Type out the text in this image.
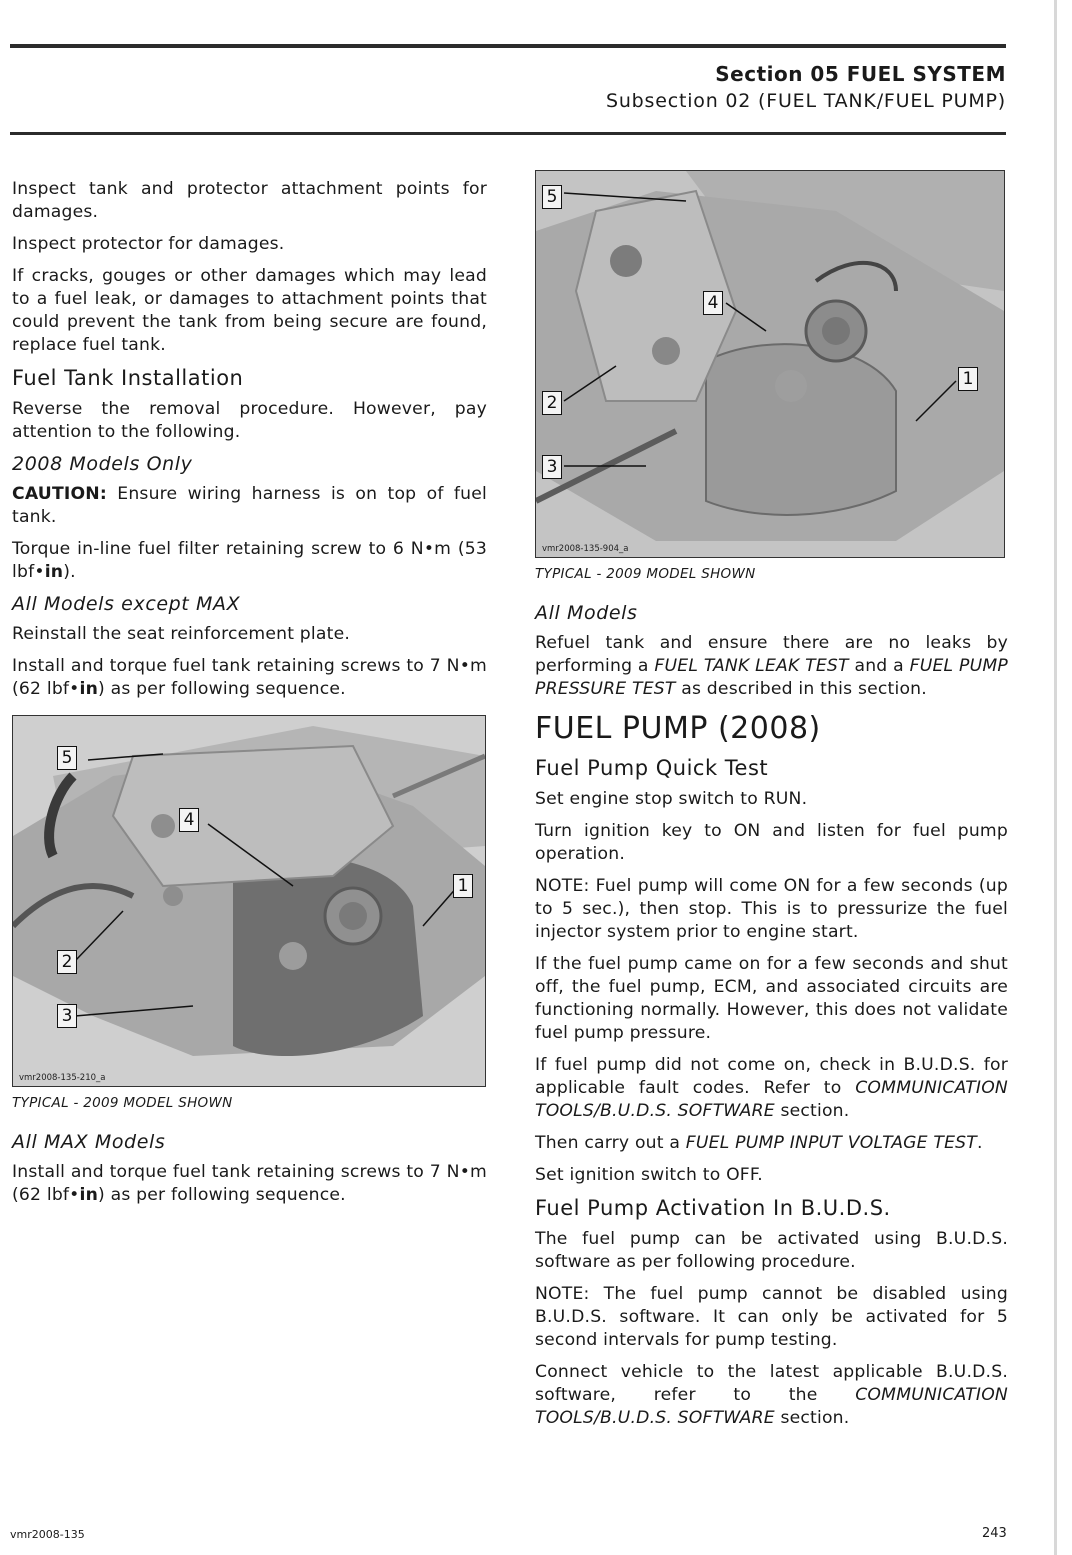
Section 05 FUEL SYSTEM
Subsection 02 (FUEL TANK/FUEL PUMP)

Inspect tank and protector attachment points for damages.

Inspect protector for damages.

If cracks, gouges or other damages which may lead to a fuel leak, or damages to attachment points that could prevent the tank from being secure are found, replace fuel tank.

Fuel Tank Installation

Reverse the removal procedure. However, pay attention to the following.

2008 Models Only

CAUTION: Ensure wiring harness is on top of fuel tank.

Torque in-line fuel filter retaining screw to 6 N•m (53 lbf•in).

All Models except MAX

Reinstall the seat reinforcement plate.

Install and torque fuel tank retaining screws to 7 N•m (62 lbf•in) as per following sequence.

5
4
1
2
3
vmr2008-135-210_a
TYPICAL - 2009 MODEL SHOWN
All MAX Models

Install and torque fuel tank retaining screws to 7 N•m (62 lbf•in) as per following sequence.

5
4
1
2
3
vmr2008-135-904_a
TYPICAL - 2009 MODEL SHOWN
All Models

Refuel tank and ensure there are no leaks by performing a FUEL TANK LEAK TEST and a FUEL PUMP PRESSURE TEST as described in this section.

FUEL PUMP (2008)
Fuel Pump Quick Test

Set engine stop switch to RUN.

Turn ignition key to ON and listen for fuel pump operation.

NOTE: Fuel pump will come ON for a few seconds (up to 5 sec.), then stop. This is to pressurize the fuel injector system prior to engine start.

If the fuel pump came on for a few seconds and shut off, the fuel pump, ECM, and associated circuits are functioning normally. However, this does not validate fuel pump pressure.

If fuel pump did not come on, check in B.U.D.S. for applicable fault codes. Refer to COMMUNICATION TOOLS/B.U.D.S. SOFTWARE section.

Then carry out a FUEL PUMP INPUT VOLTAGE TEST.

Set ignition switch to OFF.

Fuel Pump Activation In B.U.D.S.

The fuel pump can be activated using B.U.D.S. software as per following procedure.

NOTE: The fuel pump cannot be disabled using B.U.D.S. software. It can only be activated for 5 second intervals for pump testing.

Connect vehicle to the latest applicable B.U.D.S. software, refer to the COMMUNICATION TOOLS/B.U.D.S. SOFTWARE section.

vmr2008-135	243
